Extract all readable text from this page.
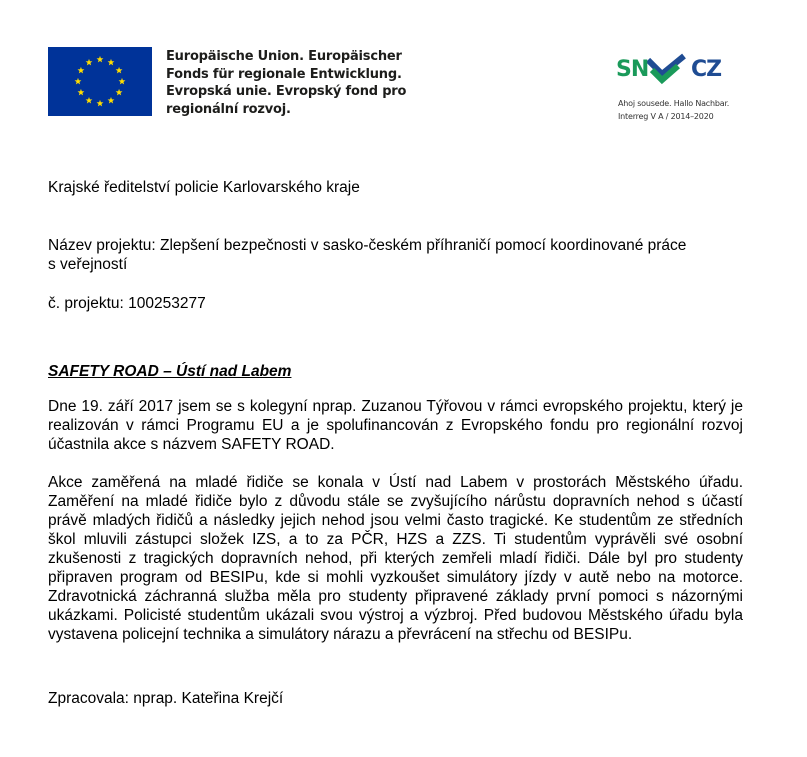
Europäische Union. Europäischer
Fonds für regionale Entwicklung.
Evropská unie. Evropský fond pro
regionální rozvoj.
SN CZ
Ahoj sousede. Hallo Nachbar.
Interreg V A / 2014–2020
Krajské ředitelství policie Karlovarského kraje
Název projektu: Zlepšení bezpečnosti v sasko-českém příhraničí pomocí koordinované práce
s veřejností
č. projektu: 100253277
SAFETY ROAD – Ústí nad Labem
Dne 19. září 2017 jsem se s kolegyní nprap. Zuzanou Týřovou v rámci evropského projektu, který je realizován v rámci Programu EU a je spolufinancován z Evropského fondu pro regionální rozvoj účastnila akce s názvem SAFETY ROAD.
Akce zaměřená na mladé řidiče se konala v Ústí nad Labem v prostorách Městského úřadu. Zaměření na mladé řidiče bylo z důvodu stále se zvyšujícího nárůstu dopravních nehod s účastí právě mladých řidičů a následky jejich nehod jsou velmi často tragické. Ke studentům ze středních škol mluvili zástupci složek IZS, a to za PČR, HZS a ZZS. Ti studentům vyprávěli své osobní zkušenosti z tragických dopravních nehod, při kterých zemřeli mladí řidiči. Dále byl pro studenty připraven program od BESIPu, kde si mohli vyzkoušet simulátory jízdy v autě nebo na motorce. Zdravotnická záchranná služba měla pro studenty připravené základy první pomoci s názornými ukázkami. Policisté studentům ukázali svou výstroj a výzbroj. Před budovou Městského úřadu byla vystavena policejní technika a simulátory nárazu a převrácení na střechu od BESIPu.
Zpracovala: nprap. Kateřina Krejčí
